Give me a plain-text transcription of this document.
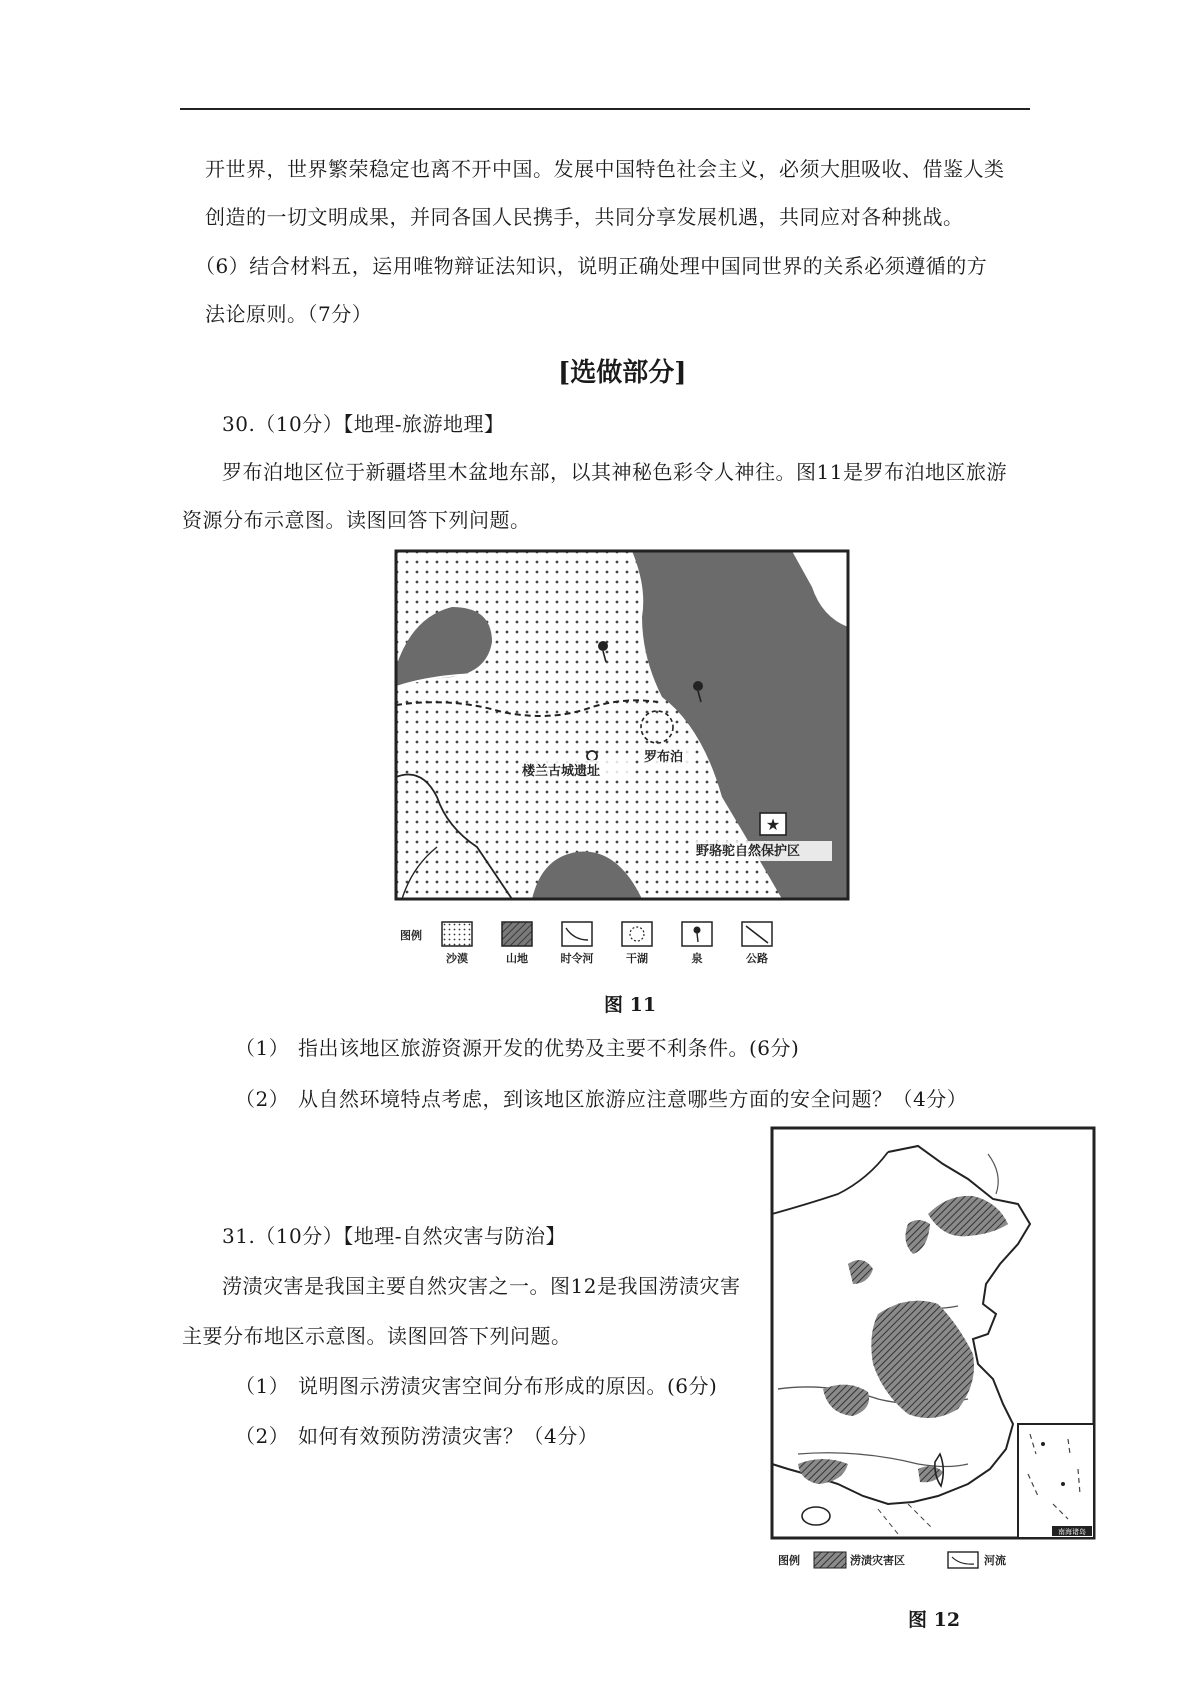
开世界，世界繁荣稳定也离不开中国。发展中国特色社会主义，必须大胆吸收、借鉴人类
创造的一切文明成果，并同各国人民携手，共同分享发展机遇，共同应对各种挑战。
（6）结合材料五，运用唯物辩证法知识，说明正确处理中国同世界的关系必须遵循的方
法论原则。（7分）
[选做部分]
30.（10分）【地理-旅游地理】
罗布泊地区位于新疆塔里木盆地东部，以其神秘色彩令人神往。图11是罗布泊地区旅游
资源分布示意图。读图回答下列问题。
楼兰古城遗址
罗布泊
★
野骆驼自然保护区
图例
沙漠	山地	时令河	干湖	泉	公路
图 11
（1） 指出该地区旅游资源开发的优势及主要不利条件。(6分)
（2） 从自然环境特点考虑，到该地区旅游应注意哪些方面的安全问题？（4分）
31.（10分）【地理-自然灾害与防治】
涝渍灾害是我国主要自然灾害之一。图12是我国涝渍灾害
主要分布地区示意图。读图回答下列问题。
（1） 说明图示涝渍灾害空间分布形成的原因。(6分)
（2） 如何有效预防涝渍灾害？（4分）
南海诸岛
图例	涝渍灾害区	河流
图 12
